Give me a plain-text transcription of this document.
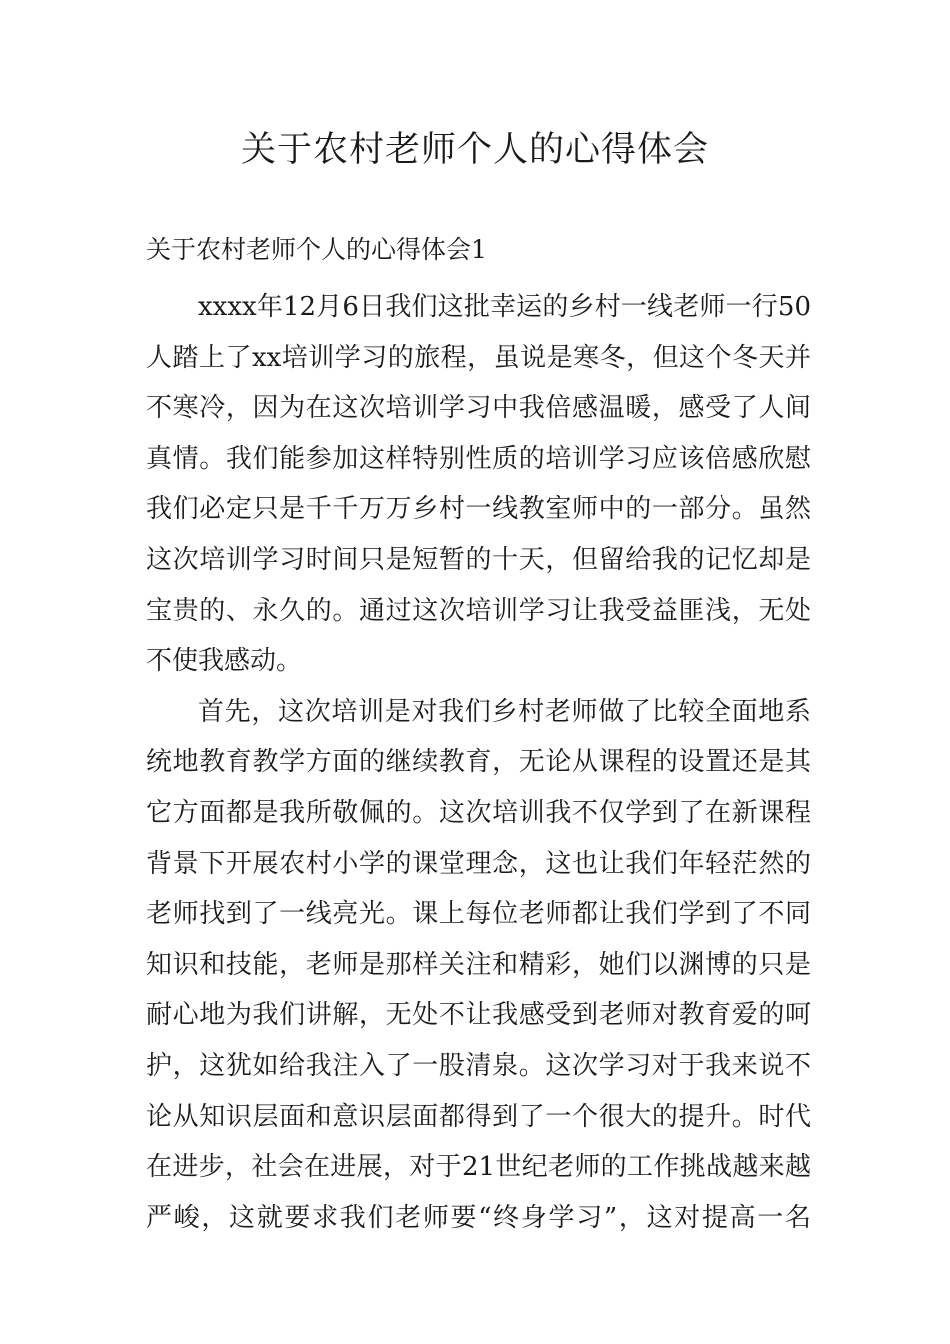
关于农村老师个人的心得体会

关于农村老师个人的心得体会1

xxxx年12月6日我们这批幸运的乡村一线老师一行50
人踏上了xx培训学习的旅程，虽说是寒冬，但这个冬天并
不寒冷，因为在这次培训学习中我倍感温暖，感受了人间
真情。我们能参加这样特别性质的培训学习应该倍感欣慰
我们必定只是千千万万乡村一线教室师中的一部分。虽然
这次培训学习时间只是短暂的十天，但留给我的记忆却是
宝贵的、永久的。通过这次培训学习让我受益匪浅，无处
不使我感动。
首先，这次培训是对我们乡村老师做了比较全面地系
统地教育教学方面的继续教育，无论从课程的设置还是其
它方面都是我所敬佩的。这次培训我不仅学到了在新课程
背景下开展农村小学的课堂理念，这也让我们年轻茫然的
老师找到了一线亮光。课上每位老师都让我们学到了不同
知识和技能，老师是那样关注和精彩，她们以渊博的只是
耐心地为我们讲解，无处不让我感受到老师对教育爱的呵
护，这犹如给我注入了一股清泉。这次学习对于我来说不
论从知识层面和意识层面都得到了一个很大的提升。时代
在进步，社会在进展，对于21世纪老师的工作挑战越来越
严峻，这就要求我们老师要“终身学习”，这对提高一名
